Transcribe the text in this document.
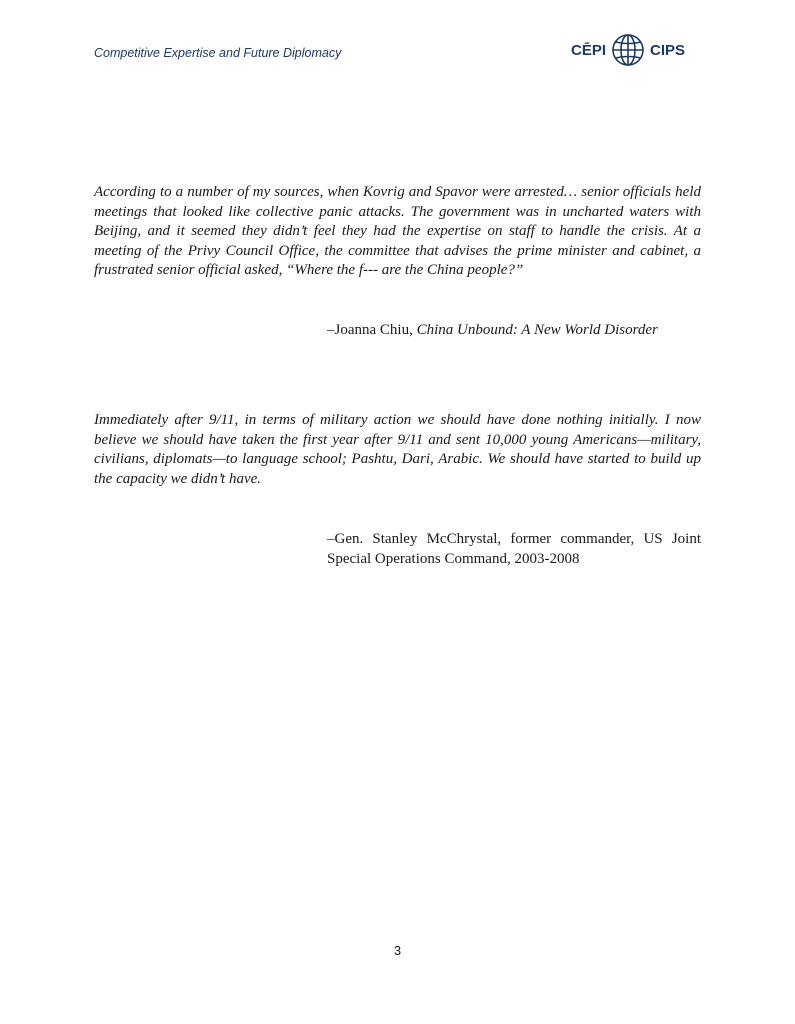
Competitive Expertise and Future Diplomacy	CĒPI	CIPS
According to a number of my sources, when Kovrig and Spavor were arrested… senior officials held meetings that looked like collective panic attacks. The government was in uncharted waters with Beijing, and it seemed they didn’t feel they had the expertise on staff to handle the crisis. At a meeting of the Privy Council Office, the committee that advises the prime minister and cabinet, a frustrated senior official asked, “Where the f--- are the China people?”
–Joanna Chiu, China Unbound: A New World Disorder
Immediately after 9/11, in terms of military action we should have done nothing initially. I now believe we should have taken the first year after 9/11 and sent 10,000 young Americans—military, civilians, diplomats—to language school; Pashtu, Dari, Arabic. We should have started to build up the capacity we didn’t have.
–Gen. Stanley McChrystal, former commander, US Joint Special Operations Command, 2003-2008
3
